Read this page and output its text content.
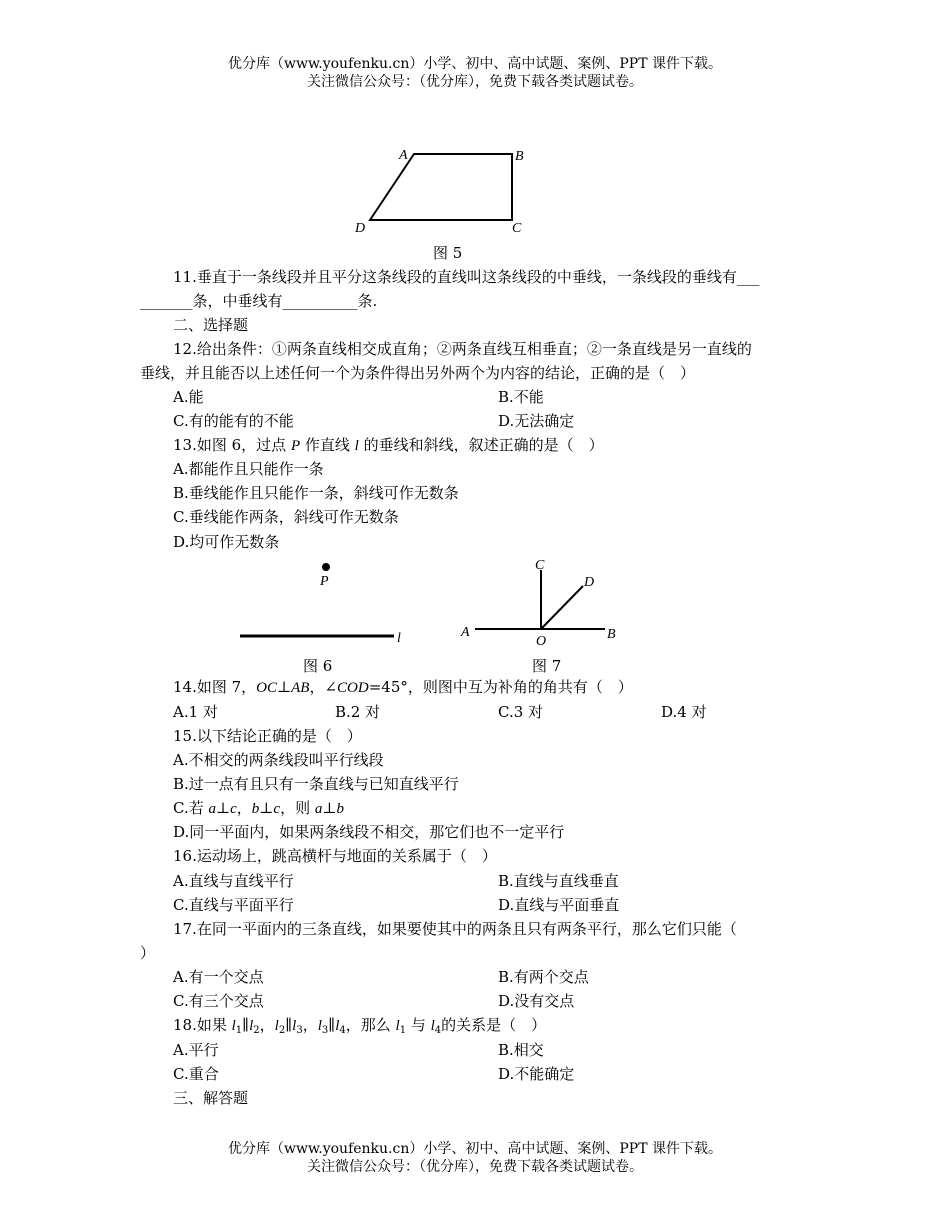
优分库（www.youfenku.cn）小学、初中、高中试题、案例、PPT 课件下载。
关注微信公众号：（优分库），免费下载各类试题试卷。
A	B
C
D
图 5
11.垂直于一条线段并且平分这条线段的直线叫这条线段的中垂线，一条线段的垂线有___
_______条，中垂线有__________条.
二、选择题
12.给出条件：①两条直线相交成直角；②两条直线互相垂直；②一条直线是另一直线的
垂线，并且能否以上述任何一个为条件得出另外两个为内容的结论，正确的是（　）
A.能	B.不能
C.有的能有的不能	D.无法确定
13.如图 6，过点 P 作直线 l 的垂线和斜线，叙述正确的是（　）
A.都能作且只能作一条
B.垂线能作且只能作一条，斜线可作无数条
C.垂线能作两条，斜线可作无数条
D.均可作无数条
P
l
图 6
A	B
C
D
O
图 7
14.如图 7，OC⊥AB，∠COD=45°，则图中互为补角的角共有（　）
A.1 对	B.2 对	C.3 对	D.4 对
15.以下结论正确的是（　）
A.不相交的两条线段叫平行线段
B.过一点有且只有一条直线与已知直线平行
C.若 a⊥c，b⊥c，则 a⊥b
D.同一平面内，如果两条线段不相交，那它们也不一定平行
16.运动场上，跳高横杆与地面的关系属于（　）
A.直线与直线平行	B.直线与直线垂直
C.直线与平面平行	D.直线与平面垂直
17.在同一平面内的三条直线，如果要使其中的两条且只有两条平行，那么它们只能（
）
A.有一个交点	B.有两个交点
C.有三个交点	D.没有交点
18.如果 $l_1\parallel l_2$，$l_2\parallel l_3$，$l_3\parallel l_4$，那么 $l_1$ 与 $l_4$的关系是（　）
A.平行	B.相交
C.重合	D.不能确定
三、解答题
优分库（www.youfenku.cn）小学、初中、高中试题、案例、PPT 课件下载。
关注微信公众号：（优分库），免费下载各类试题试卷。
